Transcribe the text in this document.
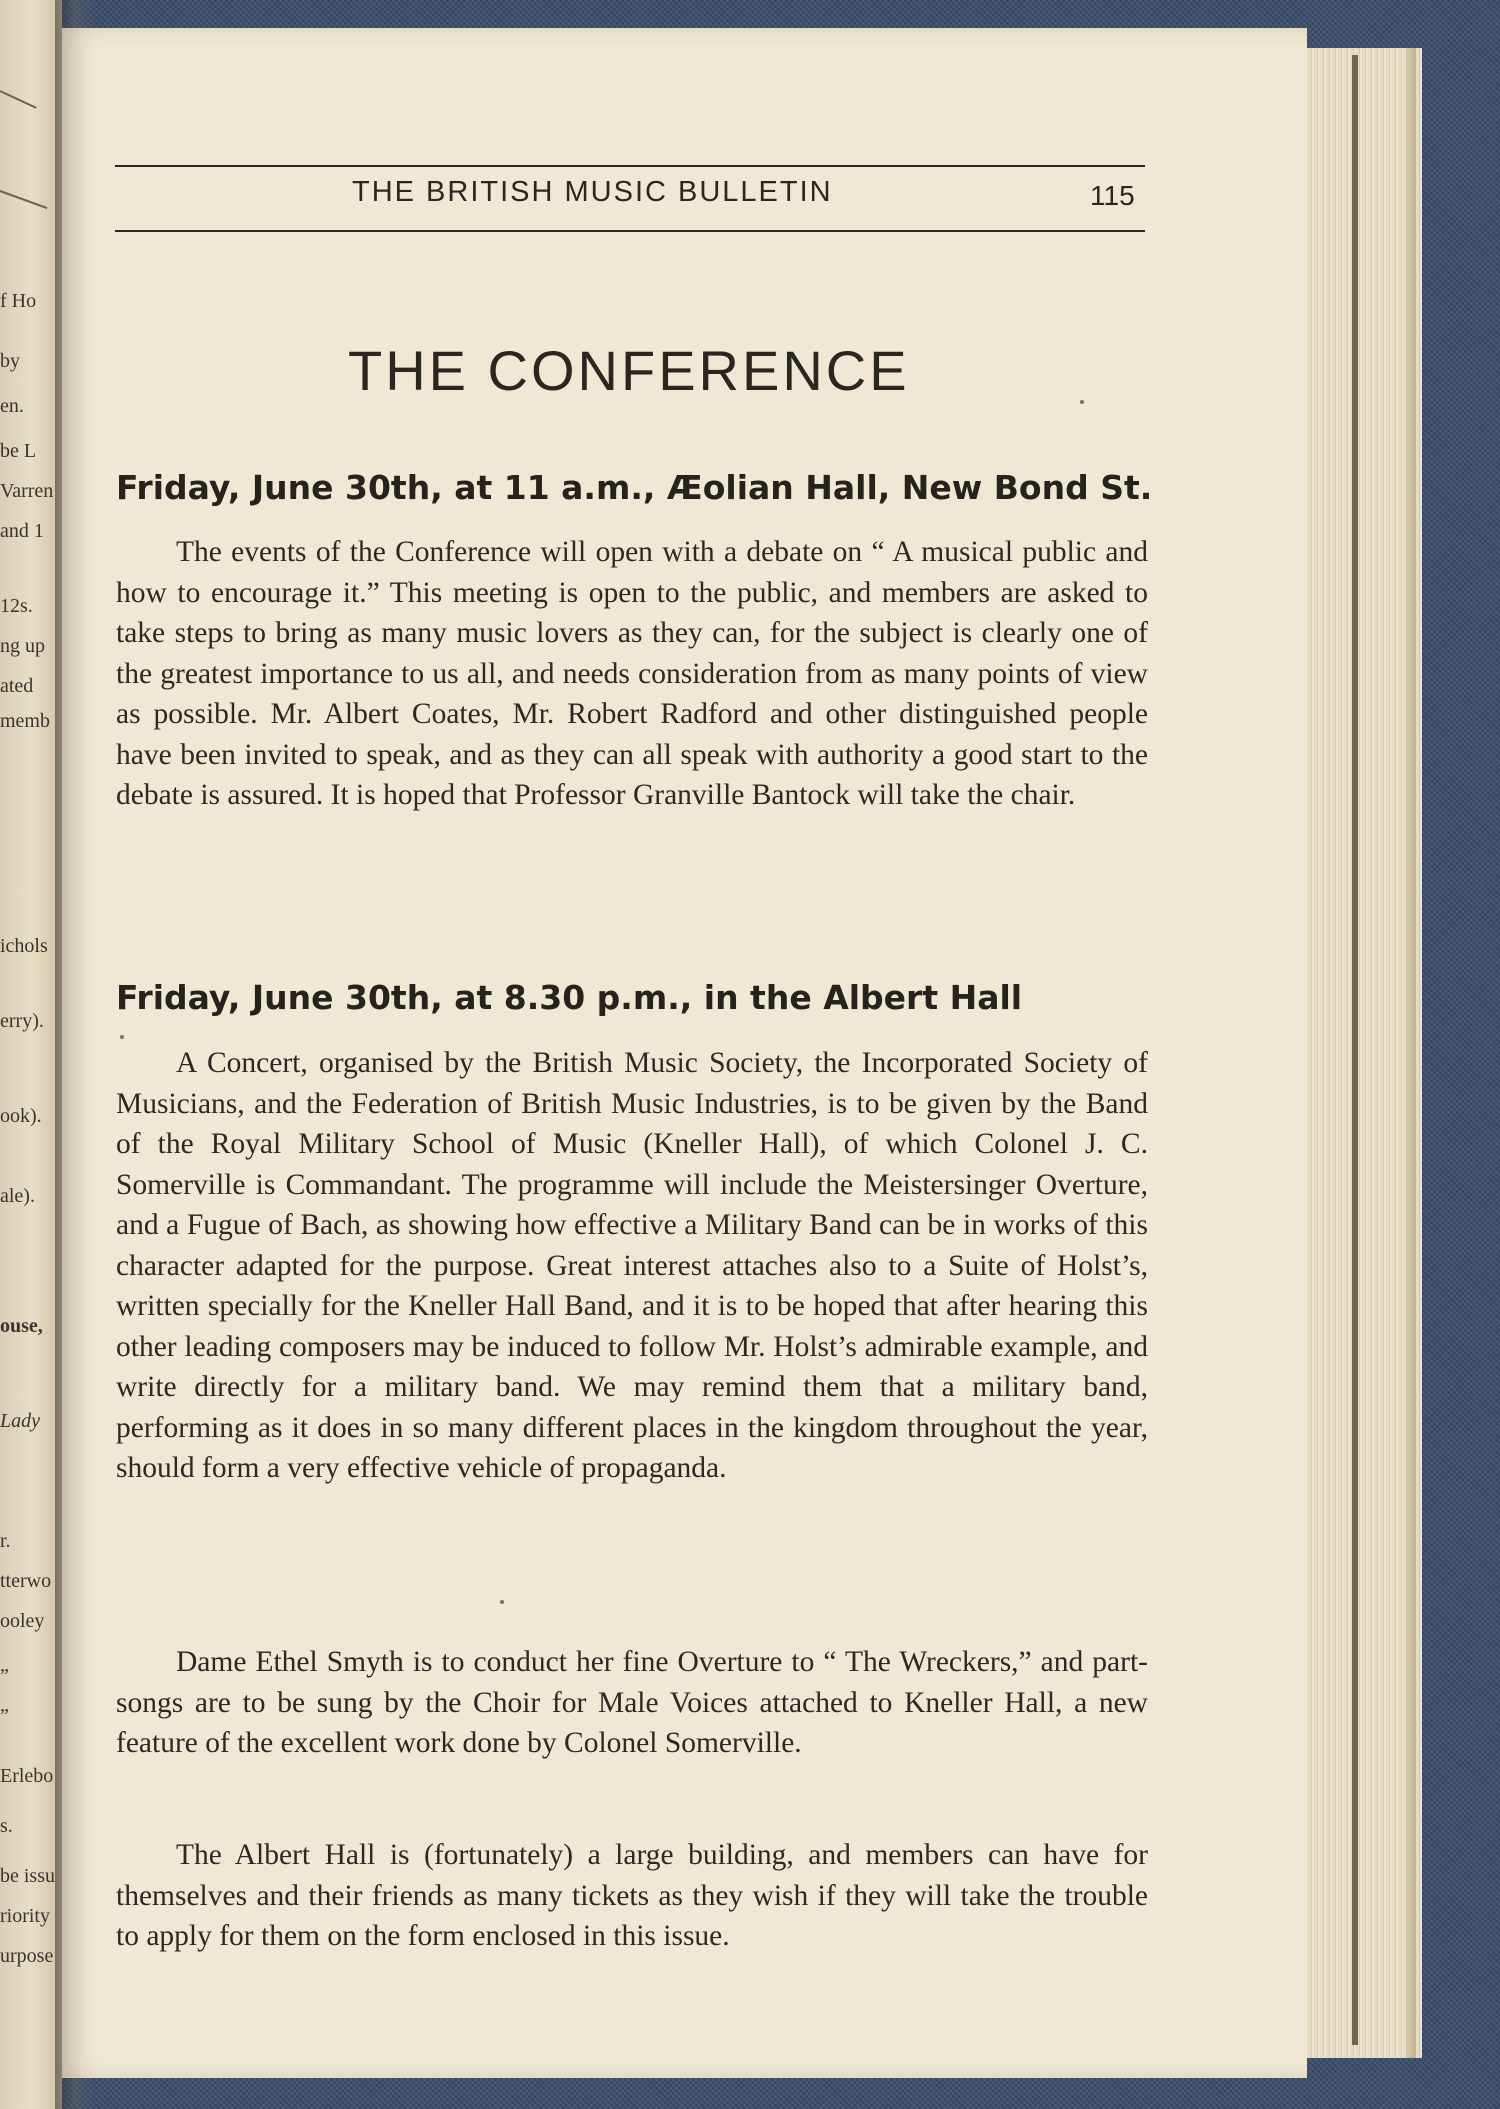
f Ho
by
en.
be L
Varren
and 1
12s.
ng up
ated
memb
ichols
erry).
ook).
ale).
ouse,
Lady
r.
tterwo
ooley
”
”
Erlebo
s.
be issu
riority
urpose
THE BRITISH MUSIC BULLETIN	115
THE CONFERENCE
Friday, June 30th, at 11 a.m., Æolian Hall, New Bond St.

The events of the Conference will open with a debate on “ A musical public and how to encourage it.” This meeting is open to the public, and members are asked to take steps to bring as many music lovers as they can, for the subject is clearly one of the greatest importance to us all, and needs consideration from as many points of view as possible. Mr. Albert Coates, Mr. Robert Radford and other distinguished people have been invited to speak, and as they can all speak with authority a good start to the debate is assured. It is hoped that Professor Granville Bantock will take the chair.

Friday, June 30th, at 8.30 p.m., in the Albert Hall

A Concert, organised by the British Music Society, the Incorporated Society of Musicians, and the Federation of British Music Industries, is to be given by the Band of the Royal Military School of Music (Kneller Hall), of which Colonel J. C. Somerville is Commandant. The programme will include the Meistersinger Overture, and a Fugue of Bach, as showing how effective a Military Band can be in works of this character adapted for the purpose. Great interest attaches also to a Suite of Holst’s, written specially for the Kneller Hall Band, and it is to be hoped that after hearing this other leading composers may be induced to follow Mr. Holst’s admirable example, and write directly for a military band. We may remind them that a military band, performing as it does in so many different places in the kingdom throughout the year, should form a very effective vehicle of propaganda.

Dame Ethel Smyth is to conduct her fine Overture to “ The Wreckers,” and part-songs are to be sung by the Choir for Male Voices attached to Kneller Hall, a new feature of the excellent work done by Colonel Somerville.

The Albert Hall is (fortunately) a large building, and members can have for themselves and their friends as many tickets as they wish if they will take the trouble to apply for them on the form enclosed in this issue.
